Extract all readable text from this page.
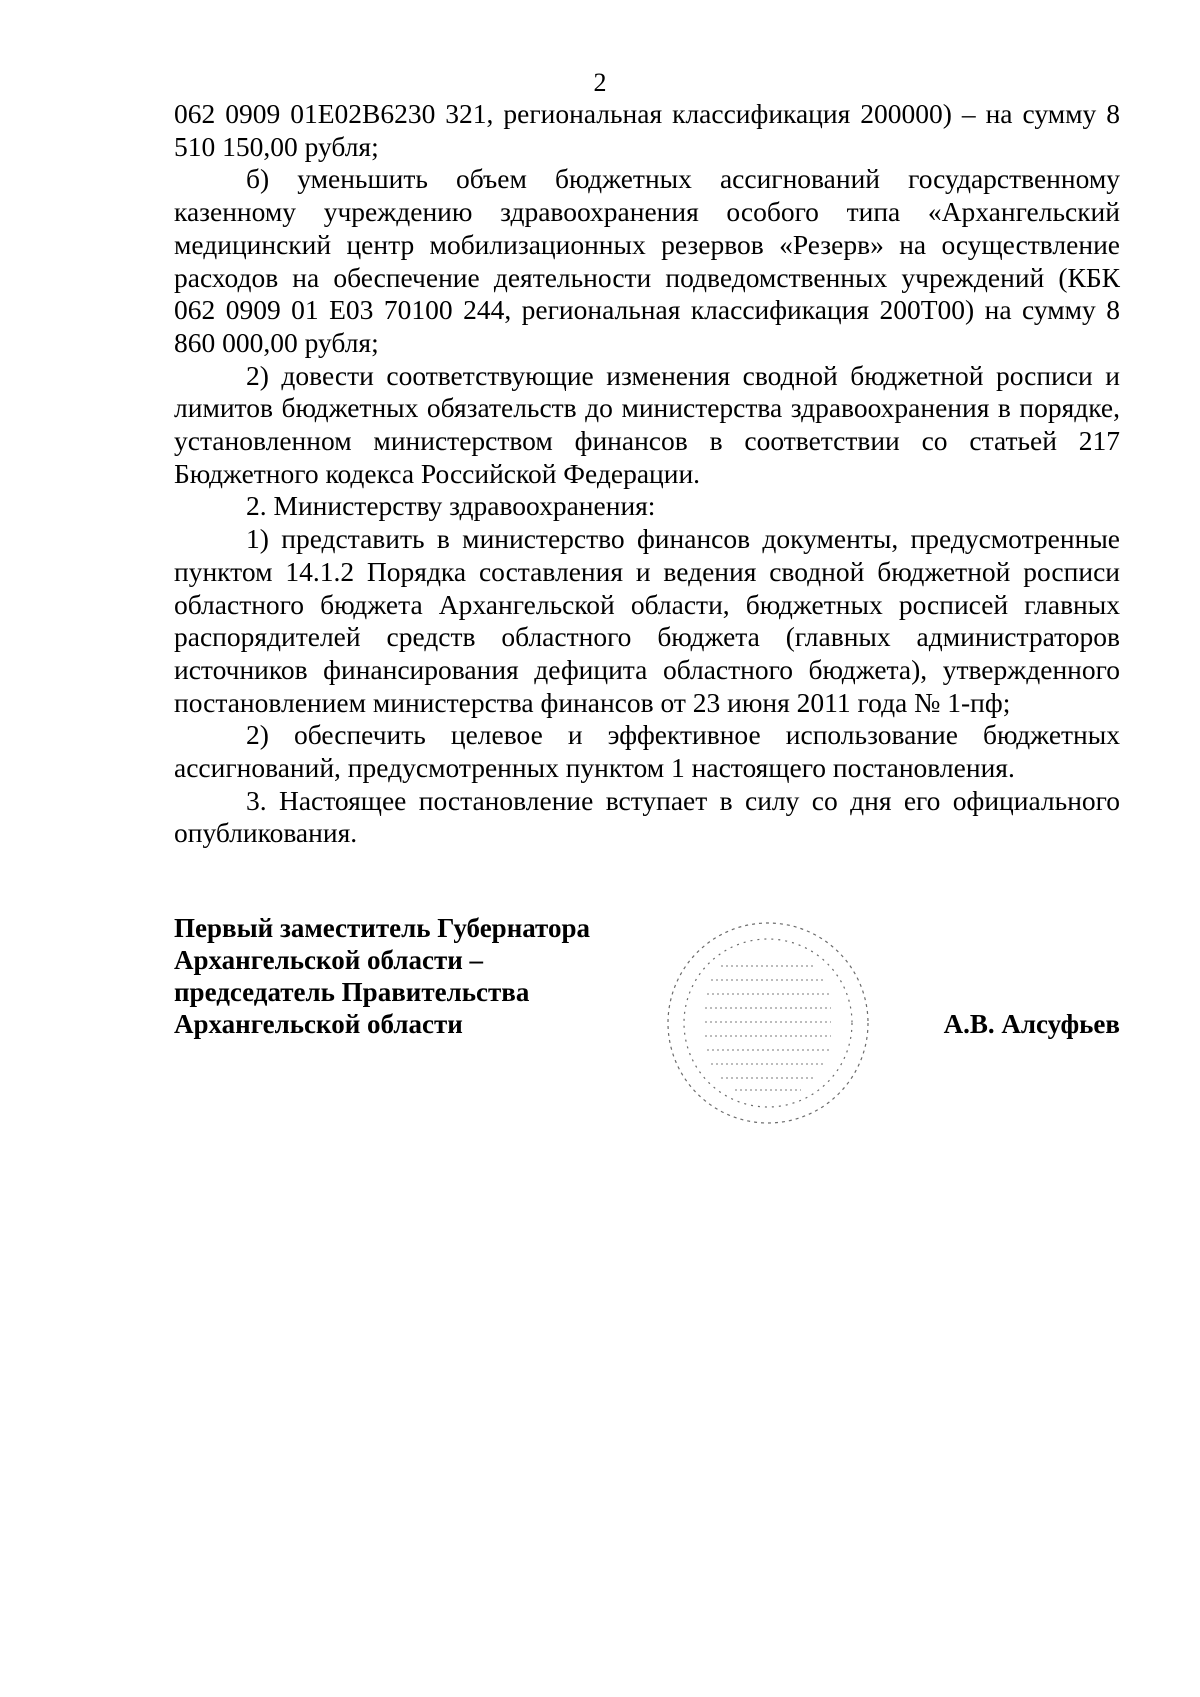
2

062 0909 01E02B6230 321, региональная классификация 200000) – на сумму 8 510 150,00 рубля;

б) уменьшить объем бюджетных ассигнований государственному казенному учреждению здравоохранения особого типа «Архангельский медицинский центр мобилизационных резервов «Резерв» на осуществление расходов на обеспечение деятельности подведомственных учреждений (КБК 062 0909 01 E03 70100 244, региональная классификация 200Т00) на сумму 8 860 000,00 рубля;

2) довести соответствующие изменения сводной бюджетной росписи и лимитов бюджетных обязательств до министерства здравоохранения в порядке, установленном министерством финансов в соответствии со статьей 217 Бюджетного кодекса Российской Федерации.

2. Министерству здравоохранения:

1) представить в министерство финансов документы, предусмотренные пунктом 14.1.2 Порядка составления и ведения сводной бюджетной росписи областного бюджета Архангельской области, бюджетных росписей главных распорядителей средств областного бюджета (главных администраторов источников финансирования дефицита областного бюджета), утвержденного постановлением министерства финансов от 23 июня 2011 года № 1-пф;

2) обеспечить целевое и эффективное использование бюджетных ассигнований, предусмотренных пунктом 1 настоящего постановления.

3. Настоящее постановление вступает в силу со дня его официального опубликования.

Первый заместитель Губернатора
Архангельской области –
председатель Правительства
Архангельской области	А.В. Алсуфьев
